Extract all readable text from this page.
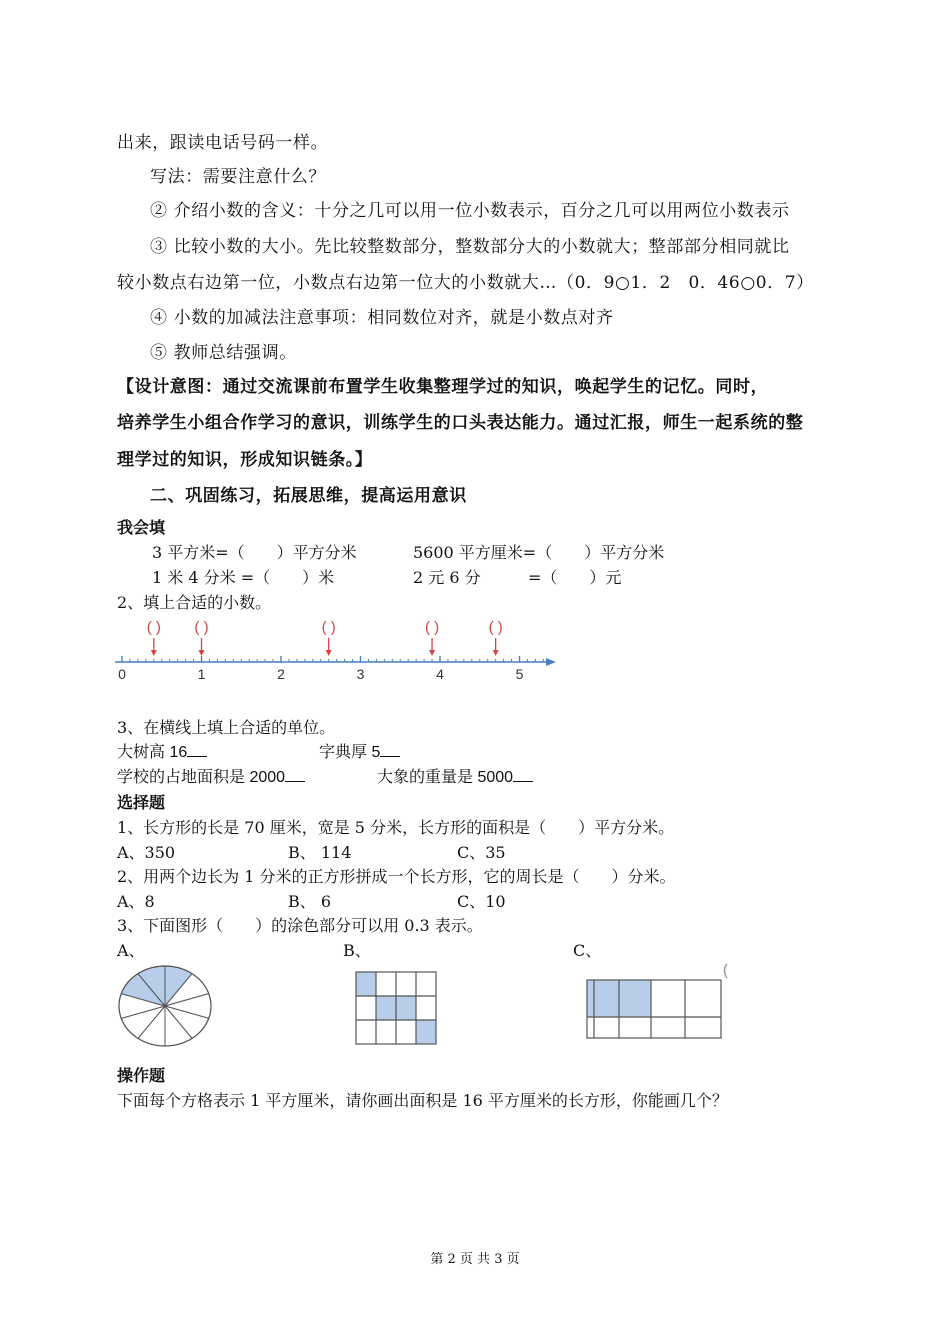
出来，跟读电话号码一样。
写法：需要注意什么？
② 介绍小数的含义：十分之几可以用一位小数表示，百分之几可以用两位小数表示
③ 比较小数的大小。先比较整数部分，整数部分大的小数就大；整部部分相同就比
较小数点右边第一位，小数点右边第一位大的小数就大…（0．9○1．2　0．46○0．7）
④ 小数的加减法注意事项：相同数位对齐，就是小数点对齐
⑤ 教师总结强调。
【设计意图：通过交流课前布置学生收集整理学过的知识，唤起学生的记忆。同时，
培养学生小组合作学习的意识，训练学生的口头表达能力。通过汇报，师生一起系统的整
理学过的知识，形成知识链条。】
二、巩固练习，拓展思维，提高运用意识
我会填
3 平方米=（　　）平方分米	5600 平方厘米=（　　）平方分米
1 米 4 分米 =（　　）米	2 元 6 分	=（　　）元
2、填上合适的小数。
( ) ( )	( )	( )	( )
0	1	2	3	4	5
3、在横线上填上合适的单位。
大树高 16	字典厚 5
学校的占地面积是 2000	大象的重量是 5000
选择题
1、长方形的长是 70 厘米，宽是 5 分米，长方形的面积是（　　）平方分米。
A、350	B、 114	C、35
2、用两个边长为 1 分米的正方形拼成一个长方形，它的周长是（　　）分米。
A、8	B、 6	C、10
3、下面图形（　　）的涂色部分可以用 0.3 表示。
A、	B、	C、
操作题
下面每个方格表示 1 平方厘米，请你画出面积是 16 平方厘米的长方形，你能画几个？
第 2 页 共 3 页
